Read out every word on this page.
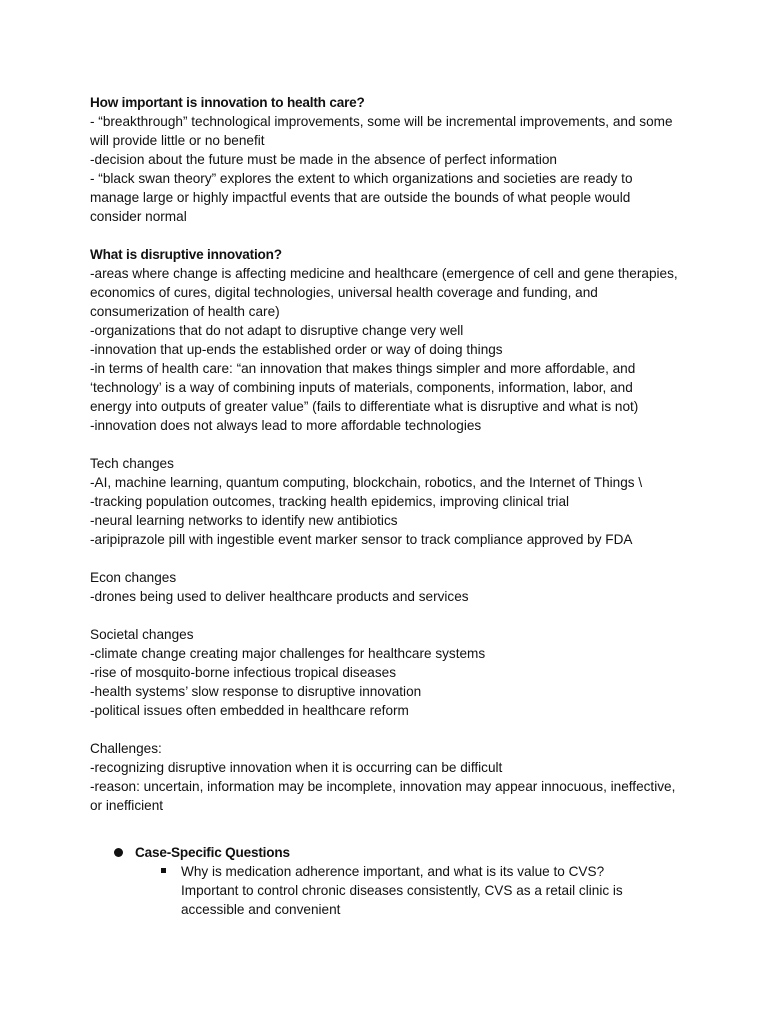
How important is innovation to health care?
- “breakthrough” technological improvements, some will be incremental improvements, and some will provide little or no benefit
-decision about the future must be made in the absence of perfect information
- “black swan theory” explores the extent to which organizations and societies are ready to manage large or highly impactful events that are outside the bounds of what people would consider normal
What is disruptive innovation?
-areas where change is affecting medicine and healthcare (emergence of cell and gene therapies, economics of cures, digital technologies, universal health coverage and funding, and consumerization of health care)
-organizations that do not adapt to disruptive change very well
-innovation that up-ends the established order or way of doing things
-in terms of health care: “an innovation that makes things simpler and more affordable, and ‘technology’ is a way of combining inputs of materials, components, information, labor, and energy into outputs of greater value” (fails to differentiate what is disruptive and what is not)
-innovation does not always lead to more affordable technologies
Tech changes
-AI, machine learning, quantum computing, blockchain, robotics, and the Internet of Things \
-tracking population outcomes, tracking health epidemics, improving clinical trial
-neural learning networks to identify new antibiotics
-aripiprazole pill with ingestible event marker sensor to track compliance approved by FDA
Econ changes
-drones being used to deliver healthcare products and services
Societal changes
-climate change creating major challenges for healthcare systems
-rise of mosquito-borne infectious tropical diseases
-health systems’ slow response to disruptive innovation
-political issues often embedded in healthcare reform
Challenges:
-recognizing disruptive innovation when it is occurring can be difficult
-reason: uncertain, information may be incomplete, innovation may appear innocuous, ineffective, or inefficient
Case-Specific Questions
Why is medication adherence important, and what is its value to CVS? Important to control chronic diseases consistently, CVS as a retail clinic is accessible and convenient
